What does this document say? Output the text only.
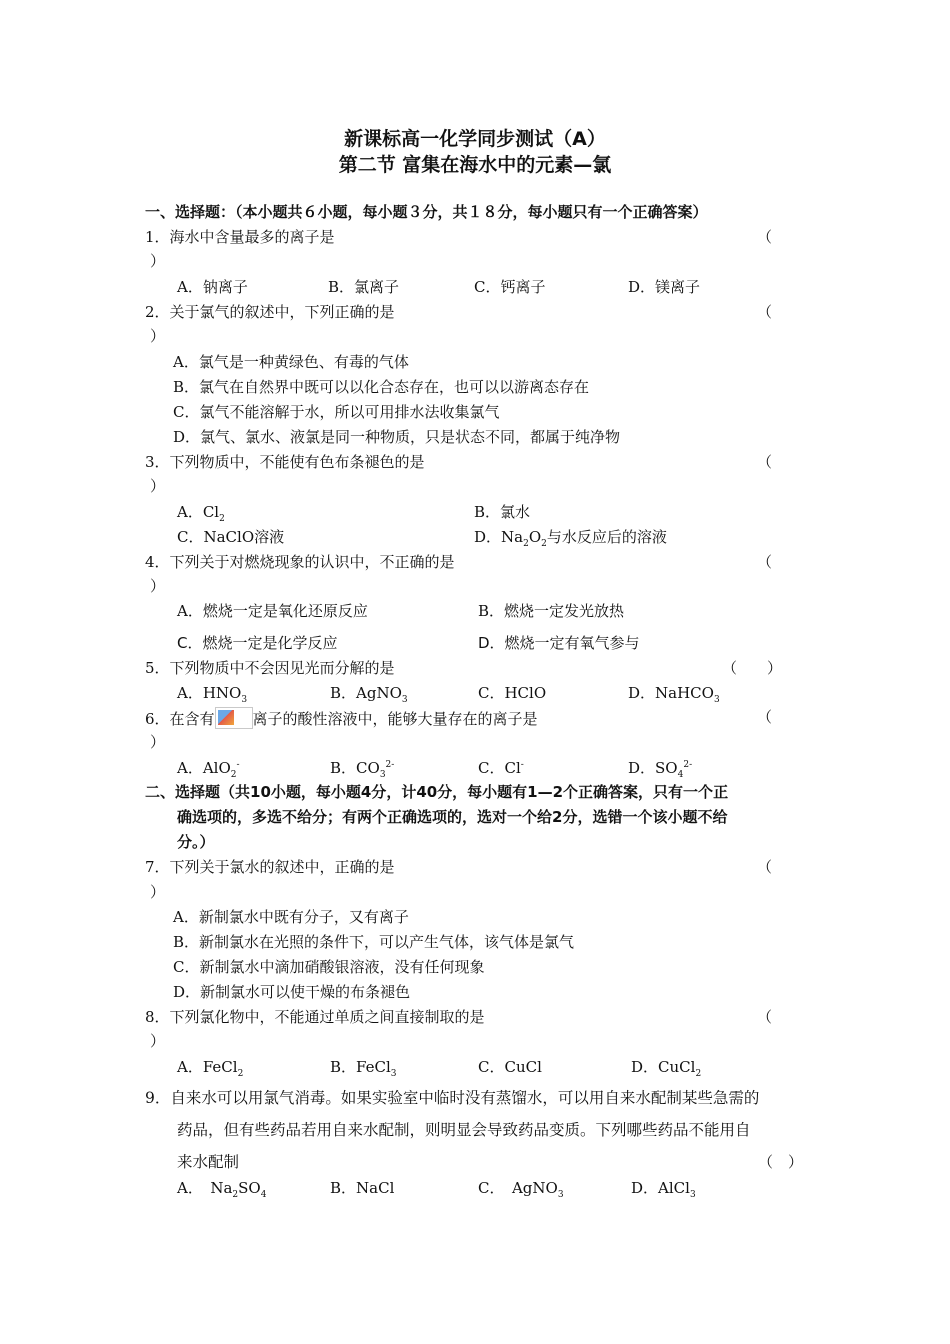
新课标高一化学同步测试（A）
第二节 富集在海水中的元素—氯
一、选择题：（本小题共６小题，每小题３分，共１８分，每小题只有一个正确答案）
1．海水中含量最多的离子是	（
）
A．钠离子	B．氯离子	C．钙离子	D．镁离子
2．关于氯气的叙述中，下列正确的是	（
）
A．氯气是一种黄绿色、有毒的气体
B．氯气在自然界中既可以以化合态存在，也可以以游离态存在
C．氯气不能溶解于水，所以可用排水法收集氯气
D．氯气、氯水、液氯是同一种物质，只是状态不同，都属于纯净物
3．下列物质中，不能使有色布条褪色的是	（
）
A．$Cl_2$	B．氯水
C．NaClO溶液	D．$Na_2O_2$与水反应后的溶液
4．下列关于对燃烧现象的认识中，不正确的是	（
）
A．燃烧一定是氧化还原反应	B．燃烧一定发光放热
C．燃烧一定是化学反应	D．燃烧一定有氧气参与
5．下列物质中不会因见光而分解的是	（　　）
A．$HNO_3$	B．AgNO$_3$	C．HClO	D．NaHCO$_3$
6．在含有	离子的酸性溶液中，能够大量存在的离子是	（
）
A．AlO$_2$-	B．$CO_3^{2-}$	C．Cl-	D．$SO_4^{2-}$
二、选择题（共10小题，每小题4分，计40分，每小题有1—2个正确答案，只有一个正
确选项的，多选不给分；有两个正确选项的，选对一个给2分，选错一个该小题不给
分。）
7．下列关于氯水的叙述中，正确的是	（
）
A．新制氯水中既有分子，又有离子
B．新制氯水在光照的条件下，可以产生气体，该气体是氯气
C．新制氯水中滴加硝酸银溶液，没有任何现象
D．新制氯水可以使干燥的布条褪色
8．下列氯化物中，不能通过单质之间直接制取的是	（
）
A．FeCl$_2$	B．FeCl$_3$	C．CuCl	D．CuCl$_2$
9．自来水可以用氯气消毒。如果实验室中临时没有蒸馏水，可以用自来水配制某些急需的
药品，但有些药品若用自来水配制，则明显会导致药品变质。下列哪些药品不能用自
来水配制	（　）
A．　$Na_2SO_4$	B．NaCl	C．　AgNO$_3$	D．AlCl$_3$
